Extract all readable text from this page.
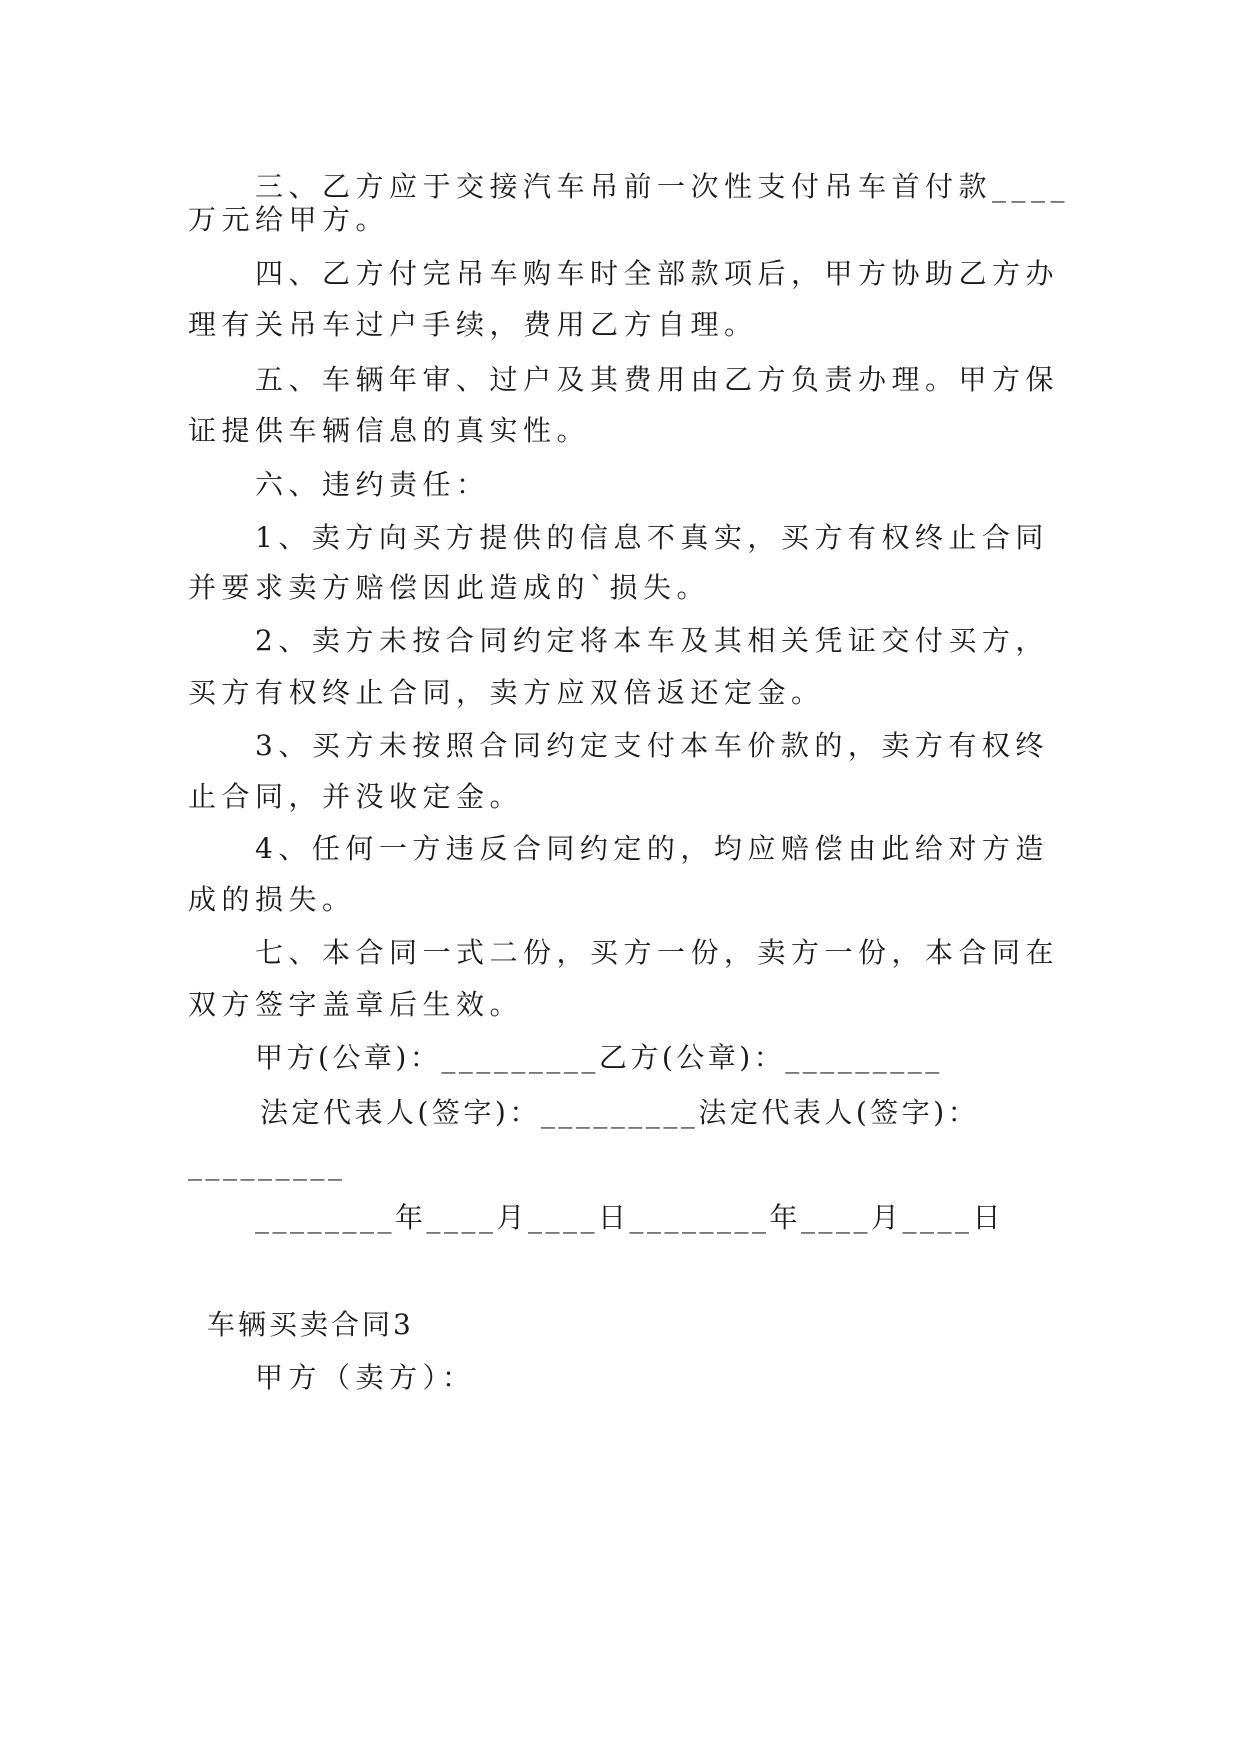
三、乙方应于交接汽车吊前一次性支付吊车首付款____

万元给甲方。

四、乙方付完吊车购车时全部款项后，甲方协助乙方办

理有关吊车过户手续，费用乙方自理。

五、车辆年审、过户及其费用由乙方负责办理。甲方保

证提供车辆信息的真实性。

六、违约责任：

1、卖方向买方提供的信息不真实，买方有权终止合同

并要求卖方赔偿因此造成的`损失。

2、卖方未按合同约定将本车及其相关凭证交付买方，

买方有权终止合同，卖方应双倍返还定金。

3、买方未按照合同约定支付本车价款的，卖方有权终

止合同，并没收定金。

4、任何一方违反合同约定的，均应赔偿由此给对方造

成的损失。

七、本合同一式二份，买方一份，卖方一份，本合同在

双方签字盖章后生效。

甲方(公章)：_________乙方(公章)：_________

法定代表人(签字)：_________法定代表人(签字)：

_________

________年____月____日________年____月____日

车辆买卖合同3

甲方（卖方）：
